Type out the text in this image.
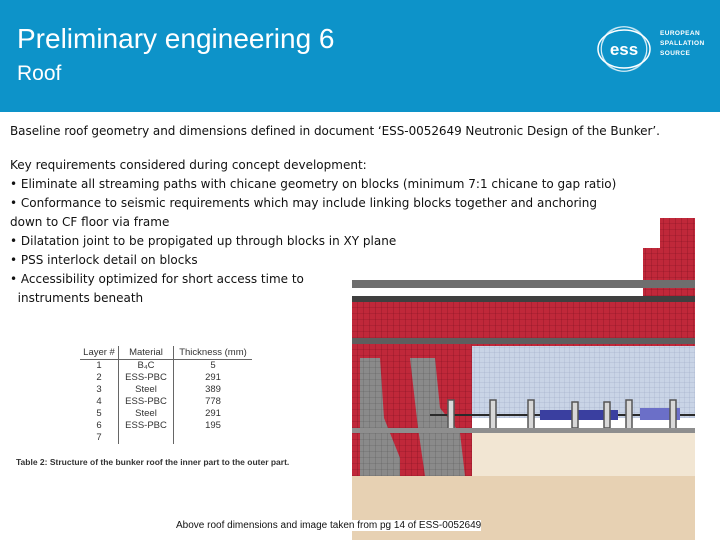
Preliminary engineering 6
Roof
ess
EUROPEAN
SPALLATION
SOURCE
Baseline roof geometry and dimensions defined in document ‘ESS-0052649 Neutronic Design of the Bunker’.
Key requirements considered during concept development:
• Eliminate all streaming paths with chicane geometry on blocks (minimum 7:1 chicane to gap ratio)
• Conformance to seismic requirements which may include linking blocks together and anchoring
down to CF floor via frame
• Dilatation joint to be propigated up through blocks in XY plane
• PSS interlock detail on blocks
• Accessibility optimized for short access time to
instruments beneath
Layer #	Material	Thickness (mm)
1	B₄C	5
2	ESS-PBC	291
3	Steel	389
4	ESS-PBC	778
5	Steel	291
6	ESS-PBC	195
7		
Table 2: Structure of the bunker roof the inner part to the outer part.
Above roof dimensions and image taken from pg 14 of ESS-0052649
